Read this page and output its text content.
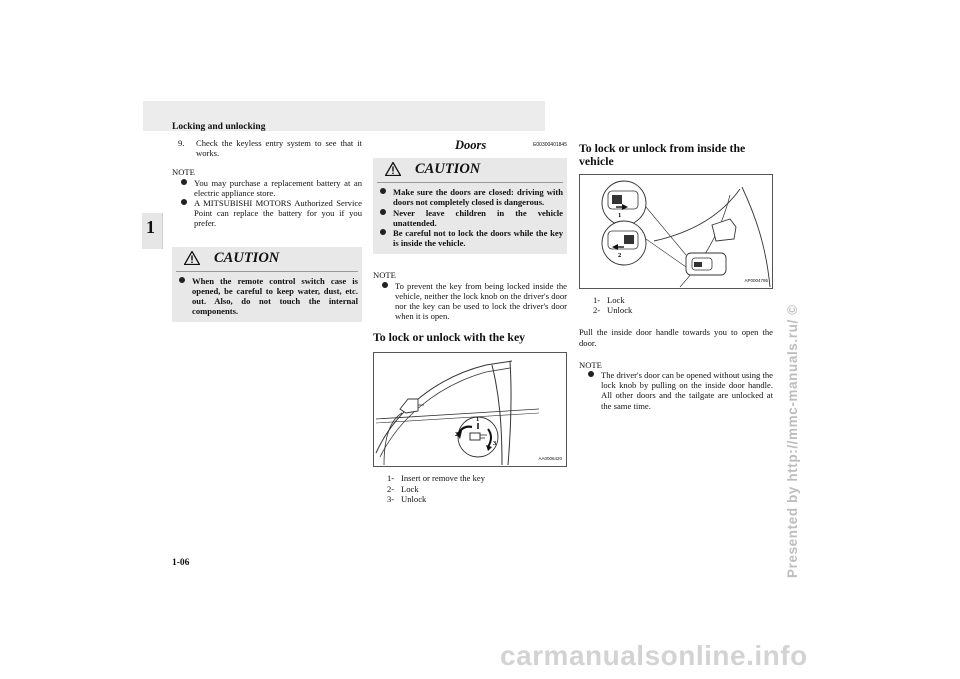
Locking and unlocking
1
1-06	Presented by http://mmc-manuals.ru/ ©
carmanualsonline.info
9.	Check the keyless entry system to see that it works.
NOTE
You may purchase a replacement battery at an electric appliance store.
A MITSUBISHI MOTORS Authorized Service Point can replace the battery for you if you prefer.
CAUTION
When the remote control switch case is opened, be careful to keep water, dust, etc. out. Also, do not touch the internal components.
Doors	E00300401845
CAUTION
Make sure the doors are closed: driving with doors not completely closed is dangerous.
Never leave children in the vehicle unattended.
Be careful not to lock the doors while the key is inside the vehicle.
NOTE
To prevent the key from being locked inside the vehicle, neither the lock knob on the driver's door nor the key can be used to lock the driver's door when it is open.
To lock or unlock with the key
2
1
3
AA0006420
1- Insert or remove the key
2- Lock
3- Unlock
To lock or unlock from inside the vehicle
1
2
AP0004795
1- Lock
2- Unlock
Pull the inside door handle towards you to open the door.
NOTE
The driver's door can be opened without using the lock knob by pulling on the inside door handle. All other doors and the tailgate are unlocked at the same time.
